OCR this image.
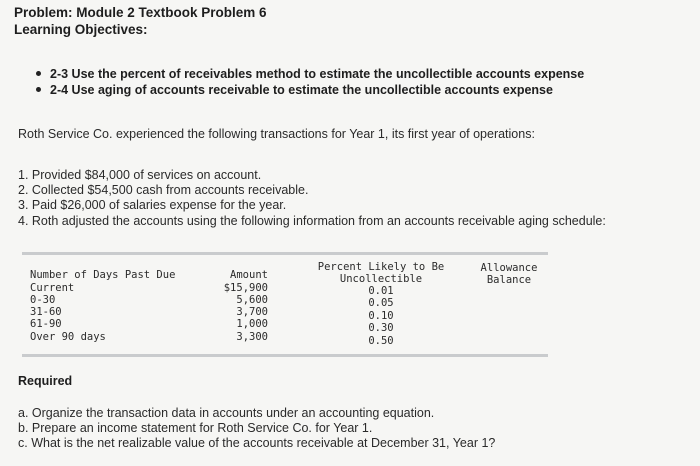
Problem: Module 2 Textbook Problem 6
Learning Objectives:
2-3 Use the percent of receivables method to estimate the uncollectible accounts expense
2-4 Use aging of accounts receivable to estimate the uncollectible accounts expense
Roth Service Co. experienced the following transactions for Year 1, its first year of operations:
1. Provided $84,000 of services on account.
2. Collected $54,500 cash from accounts receivable.
3. Paid $26,000 of salaries expense for the year.
4. Roth adjusted the accounts using the following information from an accounts receivable aging schedule:
Number of Days Past Due	Amount
Percent Likely to Be
Uncollectible
Allowance
Balance
Current
0-30
31-60
61-90
Over 90 days
$15,900
5,600
3,700
1,000
3,300
0.01
0.05
0.10
0.30
0.50
Required
a. Organize the transaction data in accounts under an accounting equation.
b. Prepare an income statement for Roth Service Co. for Year 1.
c. What is the net realizable value of the accounts receivable at December 31, Year 1?
